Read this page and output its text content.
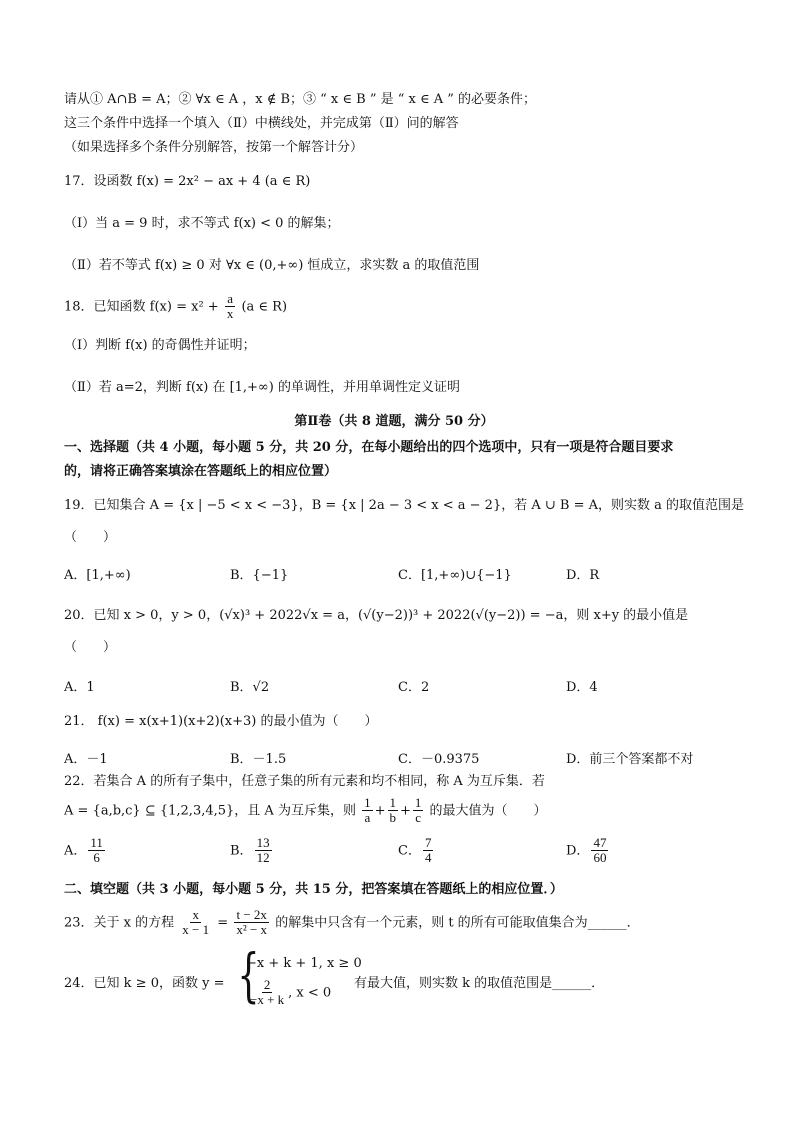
请从① A∩B = A；② ∀x ∈ A ，x ∉ B；③ “ x ∈ B ” 是 “ x ∈ A ” 的必要条件；
这三个条件中选择一个填入（Ⅱ）中横线处，并完成第（Ⅱ）问的解答
（如果选择多个条件分别解答，按第一个解答计分）
17．设函数 f(x) = 2x² − ax + 4 (a ∈ R)
（Ⅰ）当 a = 9 时，求不等式 f(x) < 0 的解集；
（Ⅱ）若不等式 f(x) ≥ 0 对 ∀x ∈ (0,+∞) 恒成立，求实数 a 的取值范围
18．已知函数 $f(x) = x^2 + \frac{a}{x} (a$ ∈ R)
（Ⅰ）判断 f(x) 的奇偶性并证明；
（Ⅱ）若 a=2，判断 f(x) 在 [1,+∞) 的单调性，并用单调性定义证明
第Ⅱ卷（共 8 道题，满分 50 分）
一、选择题（共 4 小题，每小题 5 分，共 20 分，在每小题给出的四个选项中，只有一项是符合题目要求
的，请将正确答案填涂在答题纸上的相应位置）
19．已知集合 A = {x | −5 < x < −3}，B = {x | 2a − 3 < x < a − 2}，若 A ∪ B = A，则实数 a 的取值范围是
（　　）
A．[1,+∞)	B．{−1}	C．[1,+∞)∪{−1}	D．R
20．已知 x > 0，y > 0，(√x)³ + 2022√x = a，(√(y−2))³ + 2022(√(y−2)) = −a，则 x+y 的最小值是
（　　）
A．1	B．√2	C．2	D．4
21． f(x) = x(x+1)(x+2)(x+3) 的最小值为（　　）
A．－1	B．－1.5	C．－0.9375	D．前三个答案都不对
22．若集合 A 的所有子集中，任意子集的所有元素和均不相同，称 A 为互斥集．若
A = {a,b,c} ⊆ {1,2,3,4,5}，且 A 为互斥集，则 $\frac{1}{a} + \frac{1}{b} + \frac{1}{c}$ 的最大值为（　　）
A． $\frac{11}{6}$	B． $\frac{13}{12}$	C． $\frac{7}{4}$	D． $\frac{47}{60}$
二、填空题（共 3 小题，每小题 5 分，共 15 分，把答案填在答题纸上的相应位置．）
23．关于 x 的方程 $\frac{x}{x - 1} = \frac{t - 2x}{\text{x² − x}}$ 的解集中只含有一个元素，则 t 的所有可能取值集合为______．
24．已知 k ≥ 0，函数 y = {
−x + k + 1, x ≥ 0
$\frac{2}{-x + k}$ , x < 0
有最大值，则实数 k 的取值范围是______．
